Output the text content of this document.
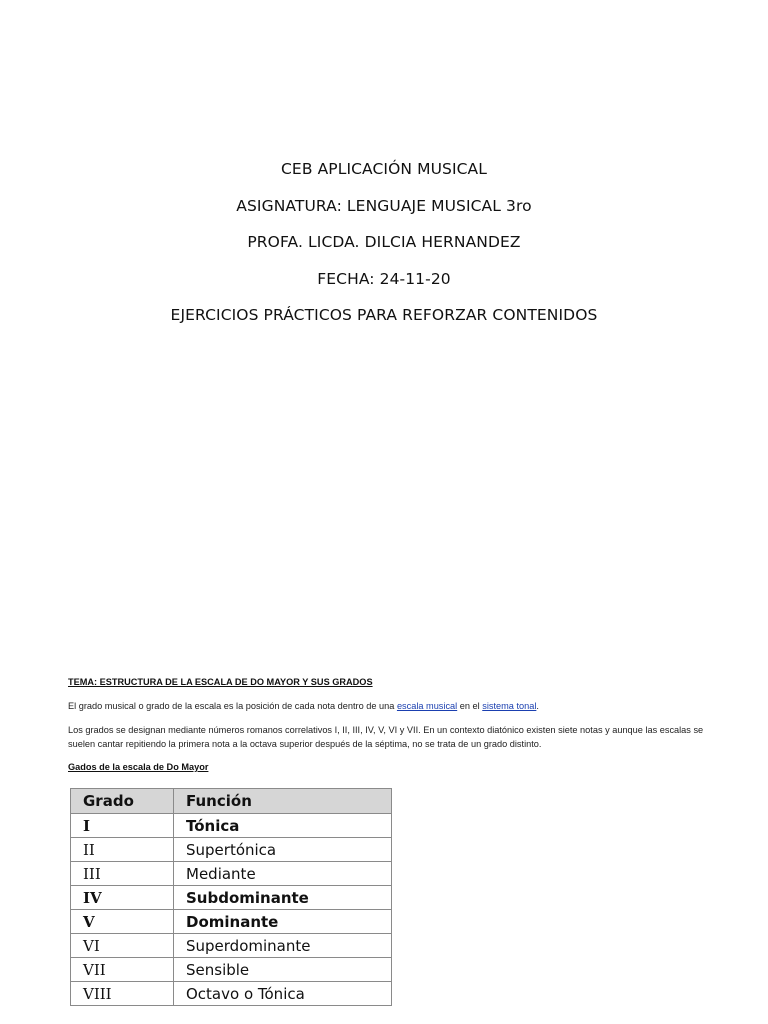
CEB APLICACIÓN MUSICAL
ASIGNATURA: LENGUAJE MUSICAL 3ro
PROFA. LICDA. DILCIA HERNANDEZ
FECHA: 24-11-20
EJERCICIOS PRÁCTICOS PARA REFORZAR CONTENIDOS
TEMA: ESTRUCTURA DE LA ESCALA DE DO MAYOR Y SUS GRADOS
El grado musical o grado de la escala es la posición de cada nota dentro de una escala musical en el sistema tonal.
Los grados se designan mediante números romanos correlativos I, II, III, IV, V, VI y VII. En un contexto diatónico existen siete notas y aunque las escalas se suelen cantar repitiendo la primera nota a la octava superior después de la séptima, no se trata de un grado distinto.
Gados de la escala de Do Mayor
Grado	Función
I	Tónica
II	Supertónica
III	Mediante
IV	Subdominante
V	Dominante
VI	Superdominante
VII	Sensible
VIII	Octavo o Tónica
